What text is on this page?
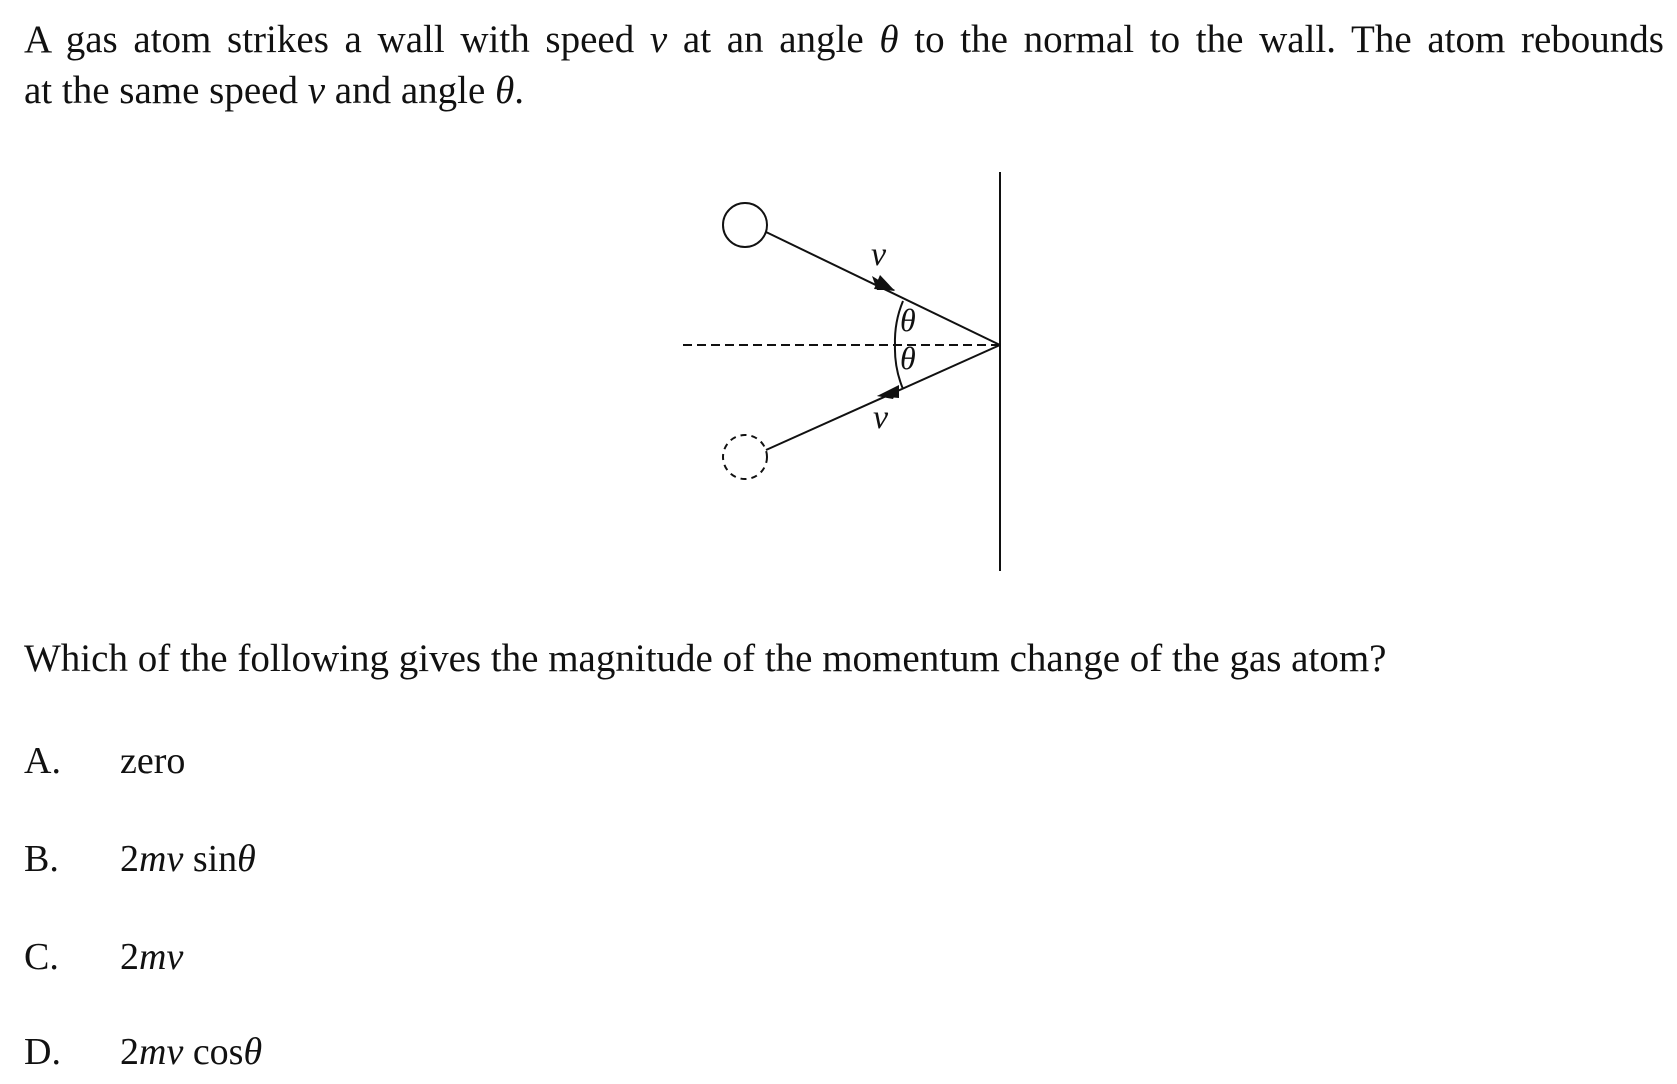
A gas atom strikes a wall with speed v at an angle θ to the normal to the wall. The atom rebounds
at the same speed v and angle θ.
v
v
θ
θ
Which of the following gives the magnitude of the momentum change of the gas atom?
A. zero
B. 2mv sinθ
C. 2mv
D. 2mv cosθ
